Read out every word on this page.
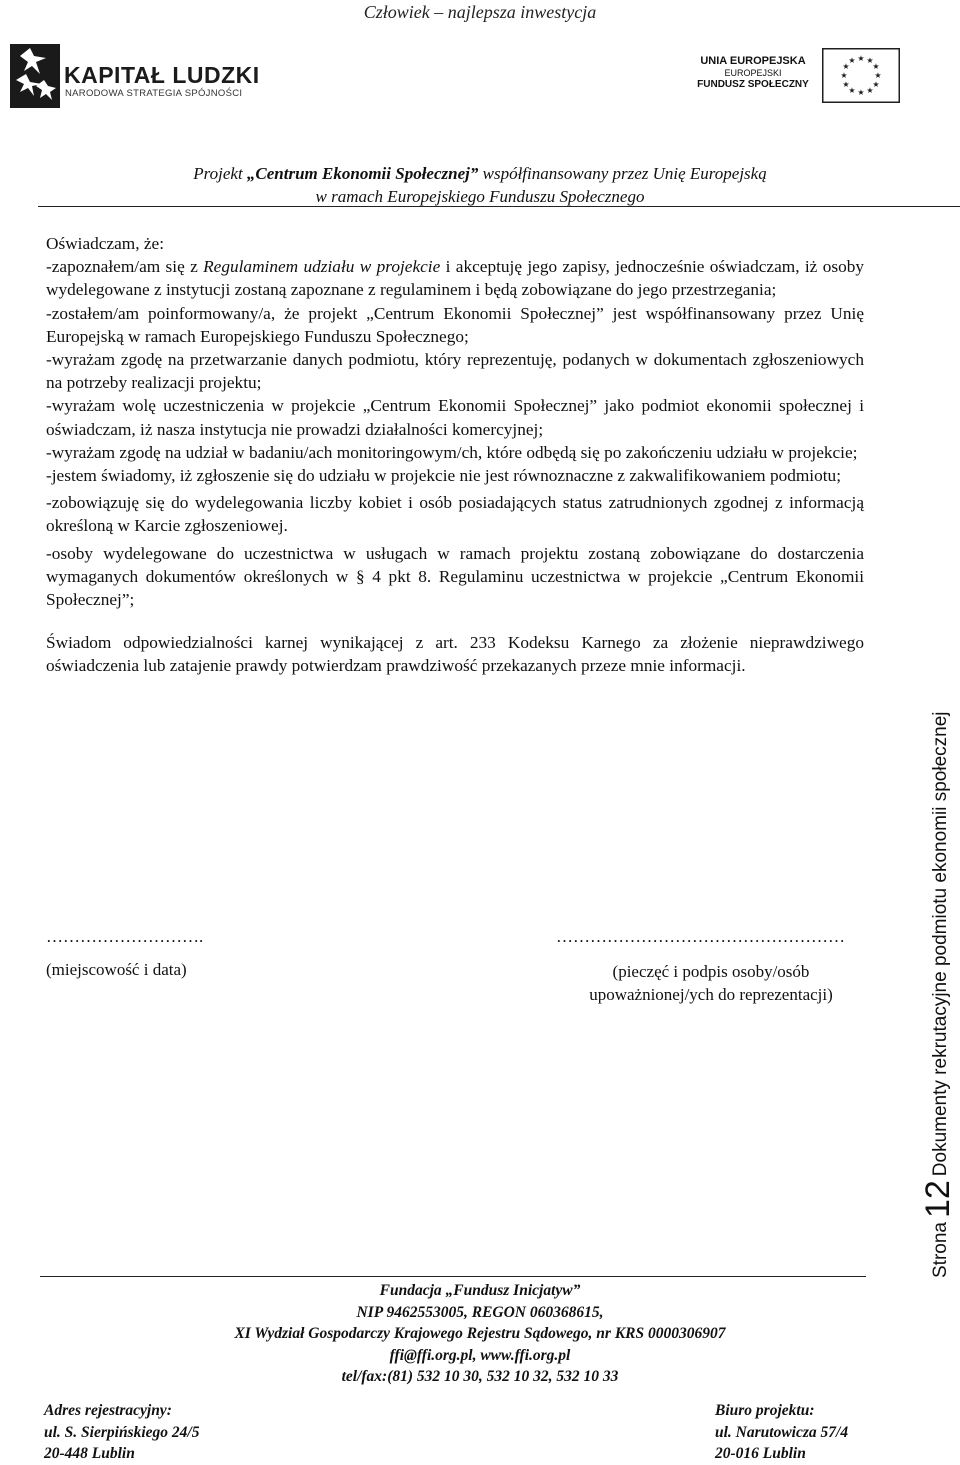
Człowiek – najlepsza inwestycja
KAPITAŁ LUDZKI
NARODOWA STRATEGIA SPÓJNOŚCI
UNIA EUROPEJSKA
EUROPEJSKI
FUNDUSZ SPOŁECZNY
★ ★
★
★
★
★
★
★
★
★
★
★
Projekt „Centrum Ekonomii Społecznej” współfinansowany przez Unię Europejską
w ramach Europejskiego Funduszu Społecznego

Oświadczam, że:

-zapoznałem/am się z Regulaminem udziału w projekcie i akceptuję jego zapisy, jednocześnie oświadczam, iż osoby wydelegowane z instytucji zostaną zapoznane z regulaminem i będą zobowiązane do jego przestrzegania;

-zostałem/am poinformowany/a, że projekt „Centrum Ekonomii Społecznej” jest współfinansowany przez Unię Europejską w ramach Europejskiego Funduszu Społecznego;

-wyrażam zgodę na przetwarzanie danych podmiotu, który reprezentuję, podanych w dokumentach zgłoszeniowych na potrzeby realizacji projektu;

-wyrażam wolę uczestniczenia w projekcie „Centrum Ekonomii Społecznej” jako podmiot ekonomii społecznej i oświadczam, iż nasza instytucja nie prowadzi działalności komercyjnej;

-wyrażam zgodę na udział w badaniu/ach monitoringowym/ch, które odbędą się po zakończeniu udziału w projekcie;

-jestem świadomy, iż zgłoszenie się do udziału w projekcie nie jest równoznaczne z zakwalifikowaniem podmiotu;

-zobowiązuję się do wydelegowania liczby kobiet i osób posiadających status zatrudnionych zgodnej z informacją określoną w Karcie zgłoszeniowej.

-osoby wydelegowane do uczestnictwa w usługach w ramach projektu zostaną zobowiązane do dostarczenia wymaganych dokumentów określonych w § 4 pkt 8. Regulaminu uczestnictwa w projekcie „Centrum Ekonomii Społecznej”;

Świadom odpowiedzialności karnej wynikającej z art. 233 Kodeksu Karnego za złożenie nieprawdziwego oświadczenia lub zatajenie prawdy potwierdzam prawdziwość przekazanych przeze mnie informacji.

……………………….
(miejscowość i data)
……………………………………………
(pieczęć i podpis osoby/osób
upoważnionej/ych do reprezentacji)
Strona12Dokumenty rekrutacyjne podmiotu ekonomii społecznej
Fundacja „Fundusz Inicjatyw”
NIP 9462553005, REGON 060368615,
XI Wydział Gospodarczy Krajowego Rejestru Sądowego, nr KRS 0000306907
ffi@ffi.org.pl, www.ffi.org.pl
tel/fax:(81) 532 10 30, 532 10 32, 532 10 33
Adres rejestracyjny:
ul. S. Sierpińskiego 24/5
20-448 Lublin
Biuro projektu:
ul. Narutowicza 57/4
20-016 Lublin
